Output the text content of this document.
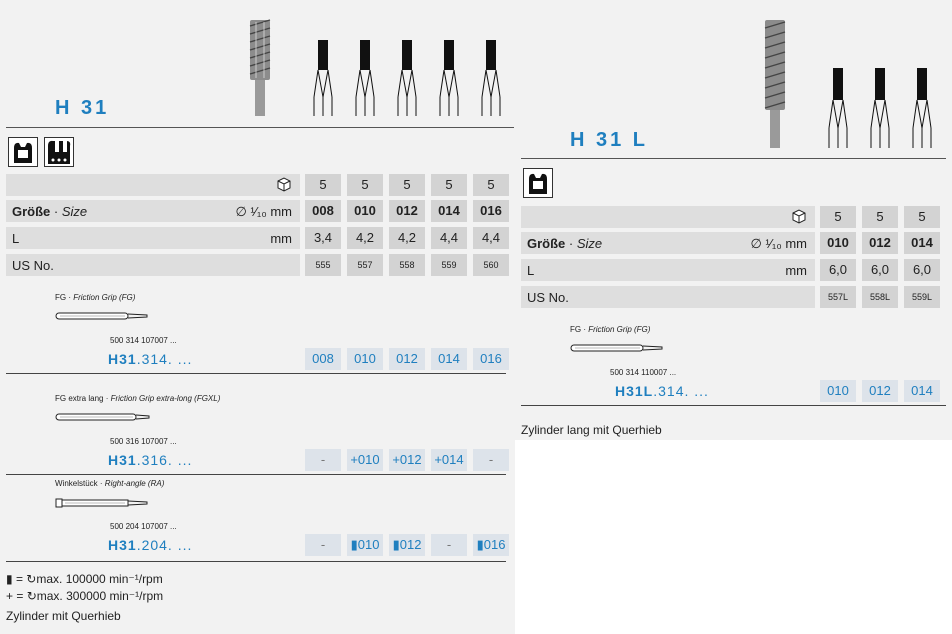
H 31
5	5	5	5	5
Größe · Size	∅ ¹⁄₁₀ mm	008	010	012	014	016
L	mm	3,4	4,2	4,2	4,4	4,4
US No.	555	557	558	559	560
FG · Friction Grip (FG)
500 314 107007 ...
H31.314. ...	008	010	012	014	016
FG extra lang · Friction Grip extra-long (FGXL)
500 316 107007 ...
H31.316. ...	-	+010 +012 +014	-
Winkelstück · Right-angle (RA)
500 204 107007 ...
H31.204. ...	-	▮010 ▮012	-	▮016
▮ = ↻max. 100000 min⁻¹/rpm
+ = ↻max. 300000 min⁻¹/rpm
Zylinder mit Querhieb
H 31 L
5	5	5
Größe · Size	∅ ¹⁄₁₀ mm	010	012	014
L	mm	6,0	6,0	6,0
US No.	557L	558L	559L
FG · Friction Grip (FG)
500 314 110007 ...
H31L.314. ...	010	012	014
Zylinder lang mit Querhieb
